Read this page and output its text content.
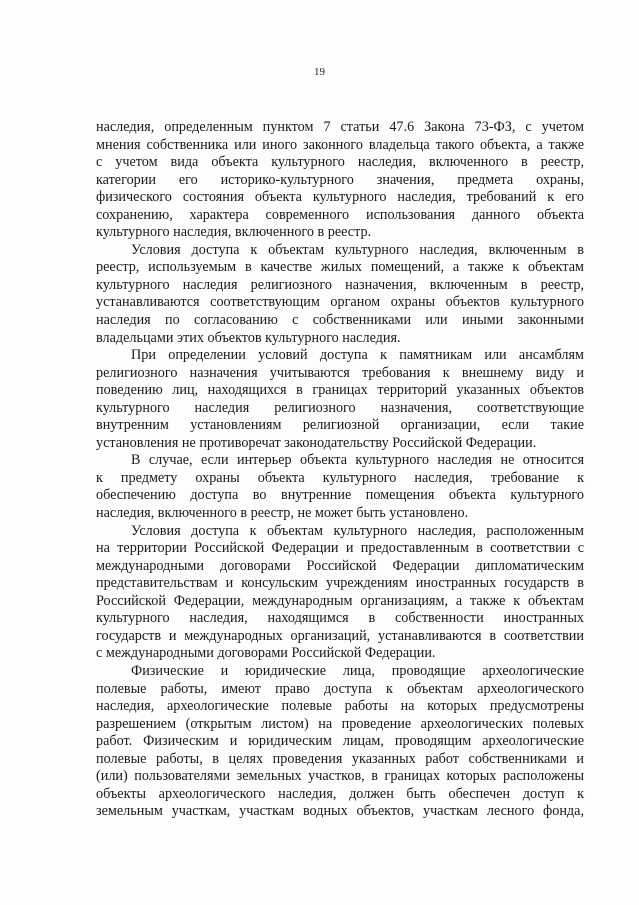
19
наследия, определенным пунктом 7 статьи 47.6 Закона 73-ФЗ, с учетом
мнения собственника или иного законного владельца такого объекта, а также
с учетом вида объекта культурного наследия, включенного в реестр,
категории его историко-культурного значения, предмета охраны,
физического состояния объекта культурного наследия, требований к его
сохранению, характера современного использования данного объекта
культурного наследия, включенного в реестр.
Условия доступа к объектам культурного наследия, включенным в
реестр, используемым в качестве жилых помещений, а также к объектам
культурного наследия религиозного назначения, включенным в реестр,
устанавливаются соответствующим органом охраны объектов культурного
наследия по согласованию с собственниками или иными законными
владельцами этих объектов культурного наследия.
При определении условий доступа к памятникам или ансамблям
религиозного назначения учитываются требования к внешнему виду и
поведению лиц, находящихся в границах территорий указанных объектов
культурного наследия религиозного назначения, соответствующие
внутренним установлениям религиозной организации, если такие
установления не противоречат законодательству Российской Федерации.
В случае, если интерьер объекта культурного наследия не относится
к предмету охраны объекта культурного наследия, требование к
обеспечению доступа во внутренние помещения объекта культурного
наследия, включенного в реестр, не может быть установлено.
Условия доступа к объектам культурного наследия, расположенным
на территории Российской Федерации и предоставленным в соответствии с
международными договорами Российской Федерации дипломатическим
представительствам и консульским учреждениям иностранных государств в
Российской Федерации, международным организациям, а также к объектам
культурного наследия, находящимся в собственности иностранных
государств и международных организаций, устанавливаются в соответствии
с международными договорами Российской Федерации.
Физические и юридические лица, проводящие археологические
полевые работы, имеют право доступа к объектам археологического
наследия, археологические полевые работы на которых предусмотрены
разрешением (открытым листом) на проведение археологических полевых
работ. Физическим и юридическим лицам, проводящим археологические
полевые работы, в целях проведения указанных работ собственниками и
(или) пользователями земельных участков, в границах которых расположены
объекты археологического наследия, должен быть обеспечен доступ к
земельным участкам, участкам водных объектов, участкам лесного фонда,
